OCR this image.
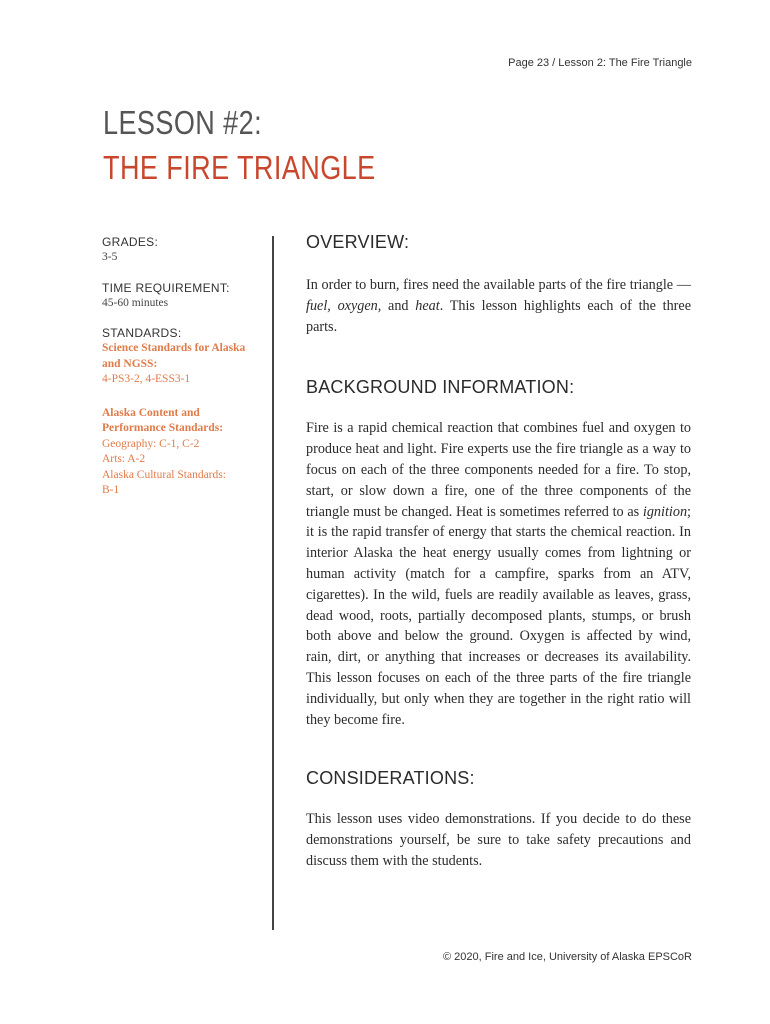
Page 23 / Lesson 2: The Fire Triangle
LESSON #2:
THE FIRE TRIANGLE

GRADES:

3-5

TIME REQUIREMENT:

45-60 minutes

STANDARDS:

Science Standards for Alaska and NGSS:

4-PS3-2, 4-ESS3-1

Alaska Content and Performance Standards:

Geography: C-1, C-2

Arts: A-2

Alaska Cultural Standards:

B-1

OVERVIEW:

In order to burn, fires need the available parts of the fire triangle — fuel, oxygen, and heat. This lesson highlights each of the three parts.

BACKGROUND INFORMATION:

Fire is a rapid chemical reaction that combines fuel and oxygen to produce heat and light. Fire experts use the fire triangle as a way to focus on each of the three components needed for a fire. To stop, start, or slow down a fire, one of the three components of the triangle must be changed. Heat is sometimes referred to as ignition; it is the rapid transfer of energy that starts the chemical reaction. In interior Alaska the heat energy usually comes from lightning or human activity (match for a campfire, sparks from an ATV, cigarettes). In the wild, fuels are readily available as leaves, grass, dead wood, roots, partially decomposed plants, stumps, or brush both above and below the ground. Oxygen is affected by wind, rain, dirt, or anything that increases or decreases its availability. This lesson focuses on each of the three parts of the fire triangle individually, but only when they are together in the right ratio will they become fire.

CONSIDERATIONS:

This lesson uses video demonstrations. If you decide to do these demonstrations yourself, be sure to take safety precautions and discuss them with the students.

© 2020, Fire and Ice, University of Alaska EPSCoR
